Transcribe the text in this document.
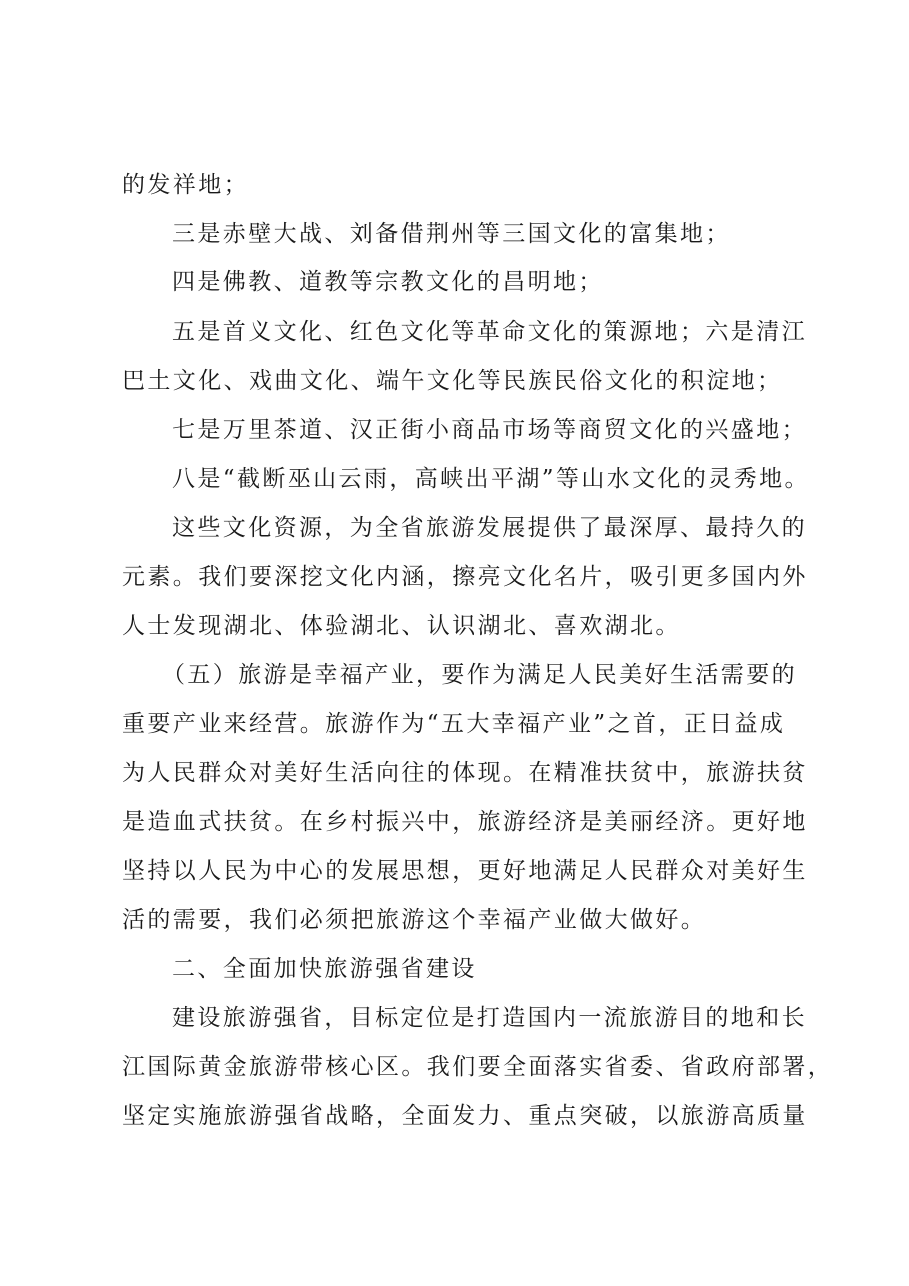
的发祥地；
三是赤壁大战、刘备借荆州等三国文化的富集地；
四是佛教、道教等宗教文化的昌明地；
五是首义文化、红色文化等革命文化的策源地；六是清江
巴土文化、戏曲文化、端午文化等民族民俗文化的积淀地；
七是万里茶道、汉正街小商品市场等商贸文化的兴盛地；
八是“截断巫山云雨，高峡出平湖”等山水文化的灵秀地。
这些文化资源，为全省旅游发展提供了最深厚、最持久的
元素。我们要深挖文化内涵，擦亮文化名片，吸引更多国内外
人士发现湖北、体验湖北、认识湖北、喜欢湖北。
（五）旅游是幸福产业，要作为满足人民美好生活需要的
重要产业来经营。旅游作为“五大幸福产业”之首，正日益成
为人民群众对美好生活向往的体现。在精准扶贫中，旅游扶贫
是造血式扶贫。在乡村振兴中，旅游经济是美丽经济。更好地
坚持以人民为中心的发展思想，更好地满足人民群众对美好生
活的需要，我们必须把旅游这个幸福产业做大做好。
二、全面加快旅游强省建设
建设旅游强省，目标定位是打造国内一流旅游目的地和长
江国际黄金旅游带核心区。我们要全面落实省委、省政府部署，
坚定实施旅游强省战略，全面发力、重点突破，以旅游高质量
